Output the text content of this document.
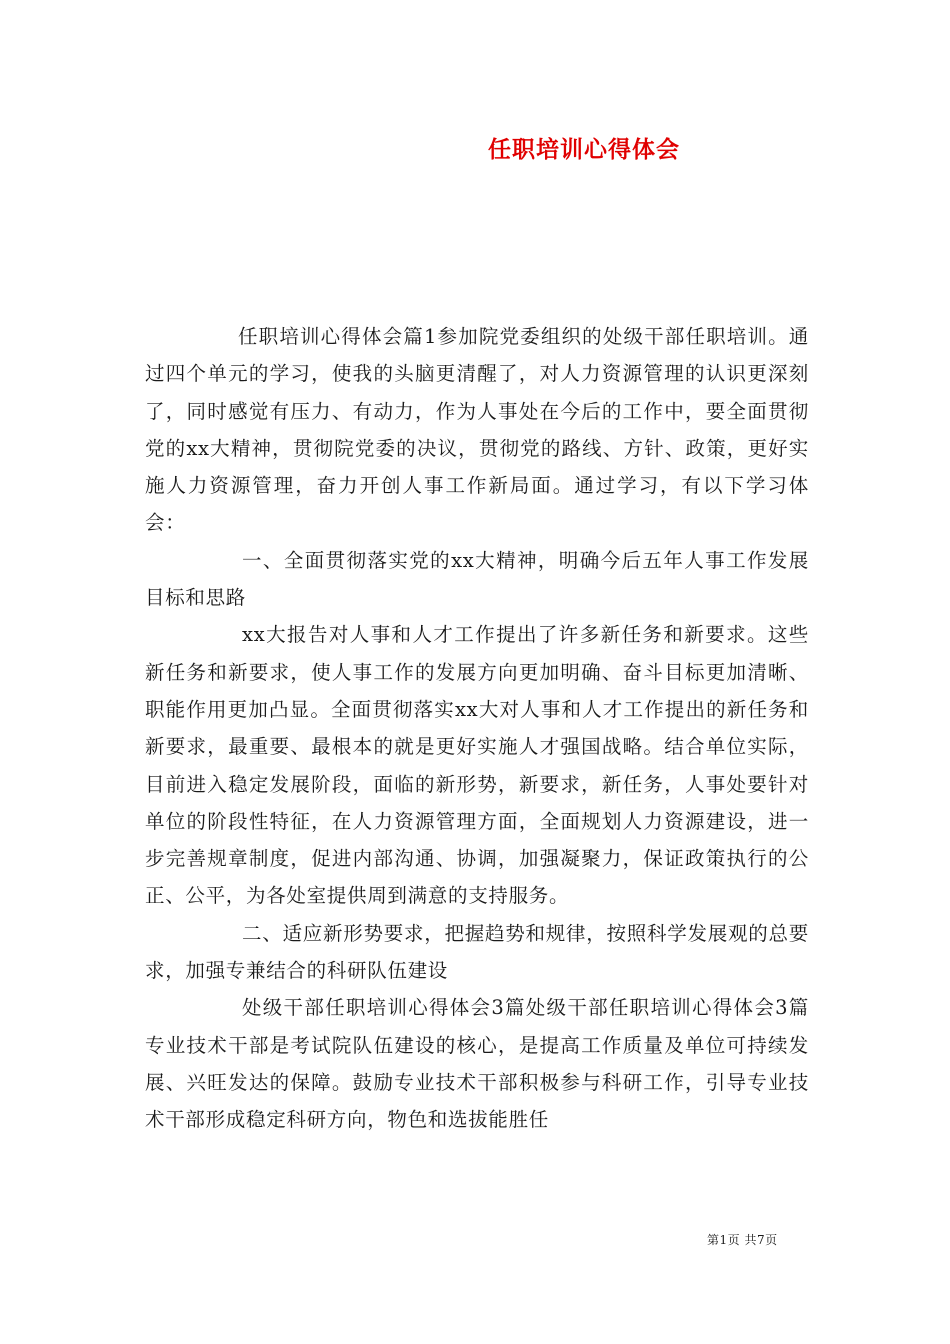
任职培训心得体会

任职培训心得体会篇1参加院党委组织的处级干部任职培训。通过四个单元的学习，使我的头脑更清醒了，对人力资源管理的认识更深刻了，同时感觉有压力、有动力，作为人事处在今后的工作中，要全面贯彻党的xx大精神，贯彻院党委的决议，贯彻党的路线、方针、政策，更好实施人力资源管理，奋力开创人事工作新局面。通过学习，有以下学习体会：

一、全面贯彻落实党的xx大精神，明确今后五年人事工作发展目标和思路

xx大报告对人事和人才工作提出了许多新任务和新要求。这些新任务和新要求，使人事工作的发展方向更加明确、奋斗目标更加清晰、职能作用更加凸显。全面贯彻落实xx大对人事和人才工作提出的新任务和新要求，最重要、最根本的就是更好实施人才强国战略。结合单位实际，目前进入稳定发展阶段，面临的新形势，新要求，新任务，人事处要针对单位的阶段性特征，在人力资源管理方面，全面规划人力资源建设，进一步完善规章制度，促进内部沟通、协调，加强凝聚力，保证政策执行的公正、公平，为各处室提供周到满意的支持服务。

二、适应新形势要求，把握趋势和规律，按照科学发展观的总要求，加强专兼结合的科研队伍建设

处级干部任职培训心得体会3篇处级干部任职培训心得体会3篇专业技术干部是考试院队伍建设的核心，是提高工作质量及单位可持续发展、兴旺发达的保障。鼓励专业技术干部积极参与科研工作，引导专业技术干部形成稳定科研方向，物色和选拔能胜任

第1页 共7页
